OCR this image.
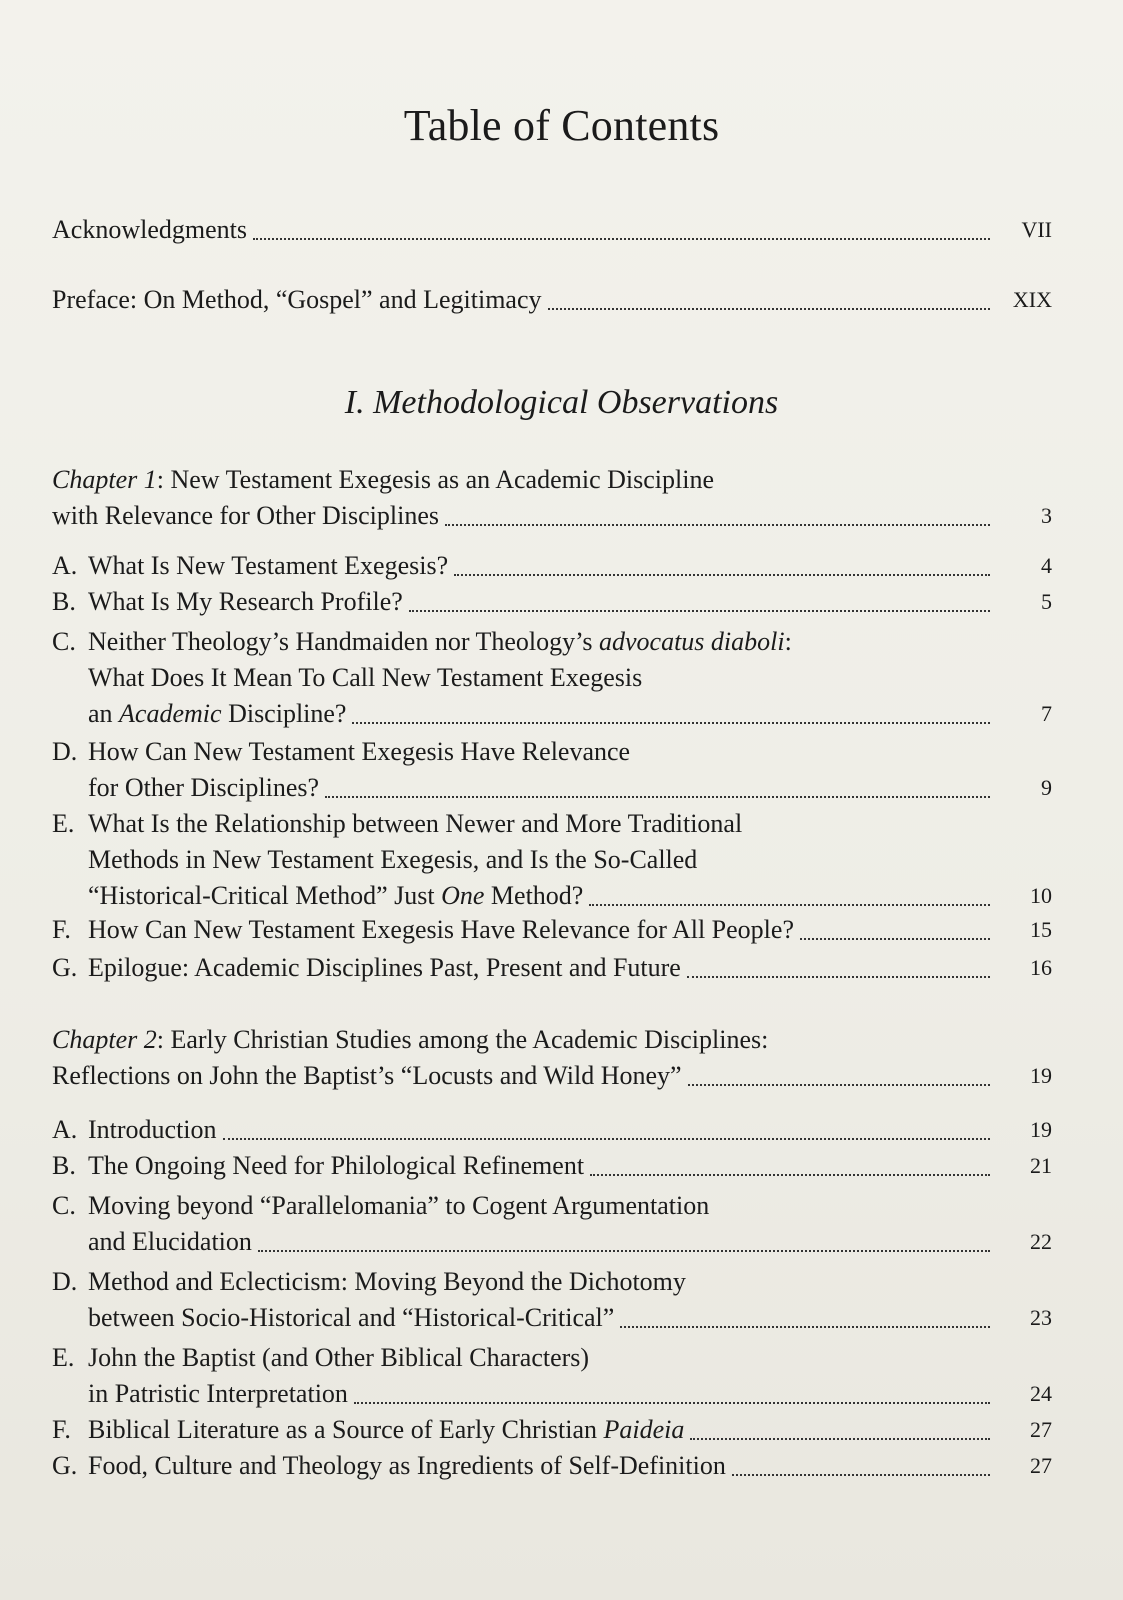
Table of Contents
Acknowledgments	VII
Preface: On Method, “Gospel” and Legitimacy	XIX
I. Methodological Observations
Chapter 1: New Testament Exegesis as an Academic Discipline
with Relevance for Other Disciplines	3
A. What Is New Testament Exegesis?	4
B. What Is My Research Profile?	5
C. Neither Theology’s Handmaiden nor Theology’s advocatus diaboli:
What Does It Mean To Call New Testament Exegesis
an Academic Discipline?	7
D. How Can New Testament Exegesis Have Relevance
for Other Disciplines?	9
E. What Is the Relationship between Newer and More Traditional
Methods in New Testament Exegesis, and Is the So-Called
“Historical-Critical Method” Just One Method?	10
F. How Can New Testament Exegesis Have Relevance for All People?	15
G. Epilogue: Academic Disciplines Past, Present and Future	16
Chapter 2: Early Christian Studies among the Academic Disciplines:
Reflections on John the Baptist’s “Locusts and Wild Honey”	19
A. Introduction	19
B. The Ongoing Need for Philological Refinement	21
C. Moving beyond “Parallelomania” to Cogent Argumentation
and Elucidation	22
D. Method and Eclecticism: Moving Beyond the Dichotomy
between Socio-Historical and “Historical-Critical”	23
E. John the Baptist (and Other Biblical Characters)
in Patristic Interpretation	24
F. Biblical Literature as a Source of Early Christian Paideia	27
G. Food, Culture and Theology as Ingredients of Self-Definition	27
